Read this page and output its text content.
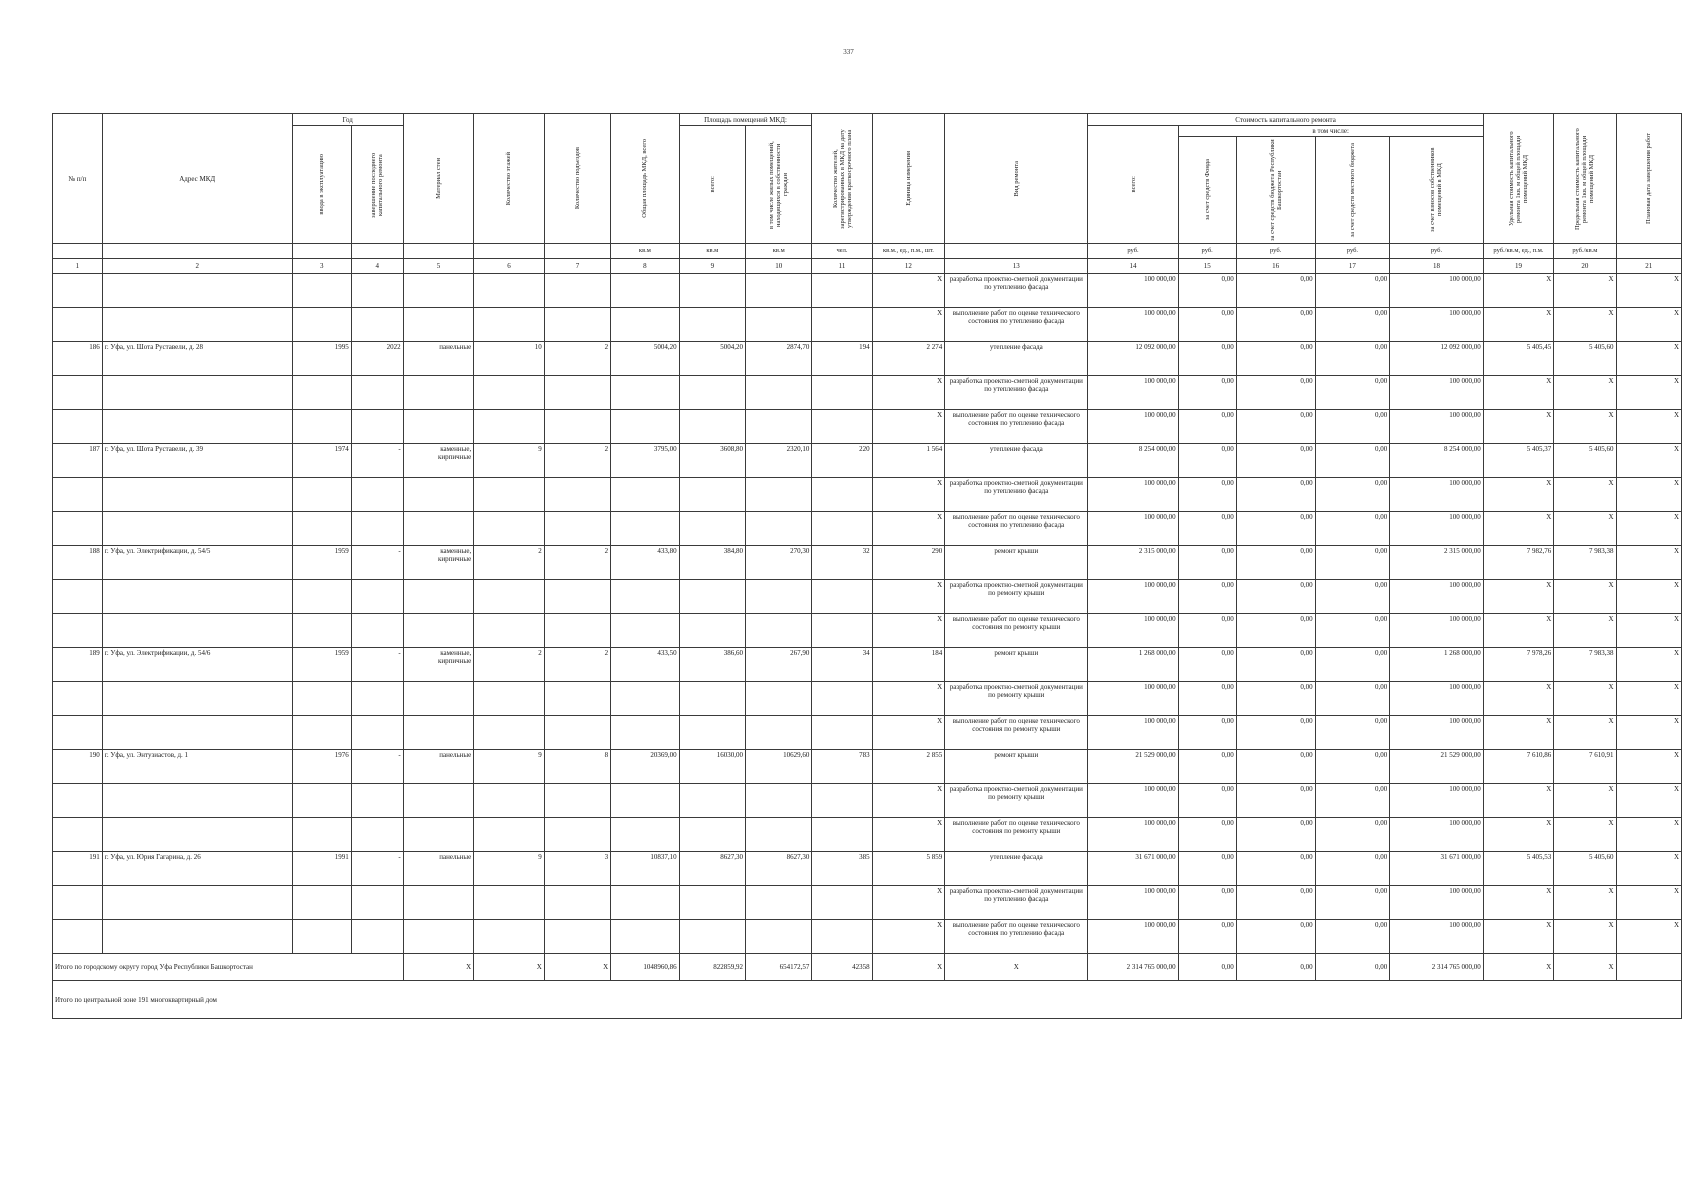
337
№ п/п	Адрес МКД	Год		Материал стен	Количество этажей	Количество подъездов	Общая площадь МКД, всего	Площадь помещений МКД:		Количество жителей, зарегистрированных в МКД на дату утверждения краткосрочного плана	Единица измерения	Вид ремонта	Стоимость капитального ремонта					Удельная стоимость капитального ремонта 1кв. м общей площади помещений МКД	Предельная стоимость капитального ремонта 1кв. м общей площади помещений МКД	Плановая дата завершения работ

		ввода в эксплуатацию	завершение последнего капитального ремонта					всего:	в том числе жилых помещений, находящихся в собственности граждан				всего:	в том числе:						

														за счет средств Фонда	за счет средств бюджета Республики Башкортостан	за счет средств местного бюджета	за счет взносов собственников помещений в МКД			

							кв.м	кв.м	кв.м	чел.	кв.м., ед., п.м., шт.		руб.	руб.	руб.	руб.	руб.	руб./кв.м, ед., п.м.	руб./кв.м	
1	2	3	4	5	6	7	8	9	10	11	12	13	14	15	16	17	18	19	20	21
											X	разработка проектно-сметной документации по утеплению фасада	100 000,00	0,00	0,00	0,00	100 000,00	X	X	X
											X	выполнение работ по оценке технического состояния по утеплению фасада	100 000,00	0,00	0,00	0,00	100 000,00	X	X	X
186	г. Уфа, ул. Шота Руставели, д. 28	1995	2022	панельные	10	2	5004,20	5004,20	2874,70	194	2 274	утепление фасада	12 092 000,00	0,00	0,00	0,00	12 092 000,00	5 405,45	5 405,60	X
											X	разработка проектно-сметной документации по утеплению фасада	100 000,00	0,00	0,00	0,00	100 000,00	X	X	X
											X	выполнение работ по оценке технического состояния по утеплению фасада	100 000,00	0,00	0,00	0,00	100 000,00	X	X	X
187	г. Уфа, ул. Шота Руставели, д. 39	1974	-	каменные, кирпичные	9	2	3795,00	3608,80	2320,10	220	1 564	утепление фасада	8 254 000,00	0,00	0,00	0,00	8 254 000,00	5 405,37	5 405,60	X
											X	разработка проектно-сметной документации по утеплению фасада	100 000,00	0,00	0,00	0,00	100 000,00	X	X	X
											X	выполнение работ по оценке технического состояния по утеплению фасада	100 000,00	0,00	0,00	0,00	100 000,00	X	X	X
188	г. Уфа, ул. Электрификации, д. 54/5	1959	-	каменные, кирпичные	2	2	433,80	384,80	270,30	32	290	ремонт крыши	2 315 000,00	0,00	0,00	0,00	2 315 000,00	7 982,76	7 983,38	X
											X	разработка проектно-сметной документации по ремонту крыши	100 000,00	0,00	0,00	0,00	100 000,00	X	X	X
											X	выполнение работ по оценке технического состояния по ремонту крыши	100 000,00	0,00	0,00	0,00	100 000,00	X	X	X
189	г. Уфа, ул. Электрификации, д. 54/6	1959	-	каменные, кирпичные	2	2	433,50	386,60	267,90	34	184	ремонт крыши	1 268 000,00	0,00	0,00	0,00	1 268 000,00	7 978,26	7 983,38	X
											X	разработка проектно-сметной документации по ремонту крыши	100 000,00	0,00	0,00	0,00	100 000,00	X	X	X
											X	выполнение работ по оценке технического состояния по ремонту крыши	100 000,00	0,00	0,00	0,00	100 000,00	X	X	X
190	г. Уфа, ул. Энтузиастов, д. 1	1976	-	панельные	9	8	20369,00	16030,00	10629,60	783	2 855	ремонт крыши	21 529 000,00	0,00	0,00	0,00	21 529 000,00	7 610,86	7 610,91	X
											X	разработка проектно-сметной документации по ремонту крыши	100 000,00	0,00	0,00	0,00	100 000,00	X	X	X
											X	выполнение работ по оценке технического состояния по ремонту крыши	100 000,00	0,00	0,00	0,00	100 000,00	X	X	X
191	г. Уфа, ул. Юрия Гагарина, д. 26	1991	-	панельные	9	3	10837,10	8627,30	8627,30	385	5 859	утепление фасада	31 671 000,00	0,00	0,00	0,00	31 671 000,00	5 405,53	5 405,60	X
											X	разработка проектно-сметной документации по утеплению фасада	100 000,00	0,00	0,00	0,00	100 000,00	X	X	X
											X	выполнение работ по оценке технического состояния по утеплению фасада	100 000,00	0,00	0,00	0,00	100 000,00	X	X	X
Итого по городскому округу город Уфа Республики Башкортостан				X	X	X	1048960,86	822859,92	654172,57	42358	X	X	2 314 765 000,00	0,00	0,00	0,00	2 314 765 000,00	X	X	
Итого по центральной зоне 191 многоквартирный дом																				
